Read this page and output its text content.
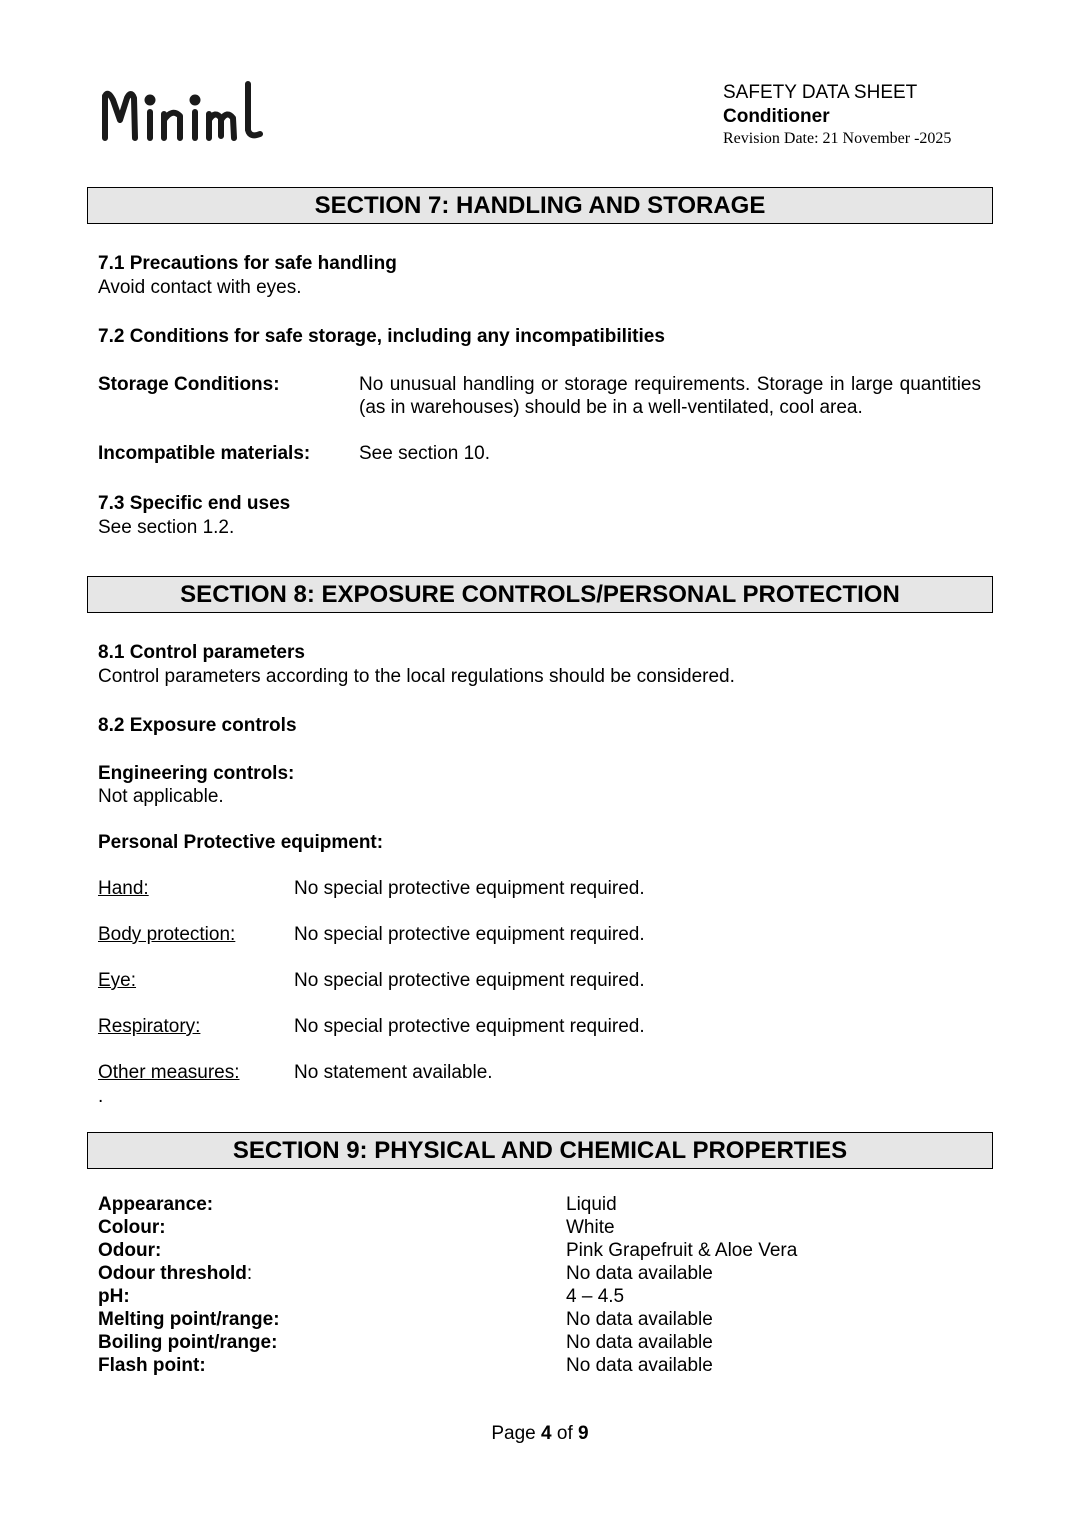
SAFETY DATA SHEET
Conditioner
Revision Date: 21 November -2025
SECTION 7: HANDLING AND STORAGE
7.1 Precautions for safe handling
Avoid contact with eyes.
7.2 Conditions for safe storage, including any incompatibilities
Storage Conditions:	No unusual handling or storage requirements. Storage in large quantities (as in warehouses) should be in a well-ventilated, cool area.
Incompatible materials:	See section 10.
7.3 Specific end uses
See section 1.2.
SECTION 8: EXPOSURE CONTROLS/PERSONAL PROTECTION
8.1 Control parameters
Control parameters according to the local regulations should be considered.
8.2 Exposure controls
Engineering controls:
Not applicable.
Personal Protective equipment:
Hand:	No special protective equipment required.
Body protection:	No special protective equipment required.
Eye:	No special protective equipment required.
Respiratory:	No special protective equipment required.
Other measures:	No statement available.
.
SECTION 9: PHYSICAL AND CHEMICAL PROPERTIES
Appearance:	Liquid
Colour:	White
Odour:	Pink Grapefruit & Aloe Vera
Odour threshold:	No data available
pH:	4 – 4.5
Melting point/range:	No data available
Boiling point/range:	No data available
Flash point:	No data available
Page 4 of 9
